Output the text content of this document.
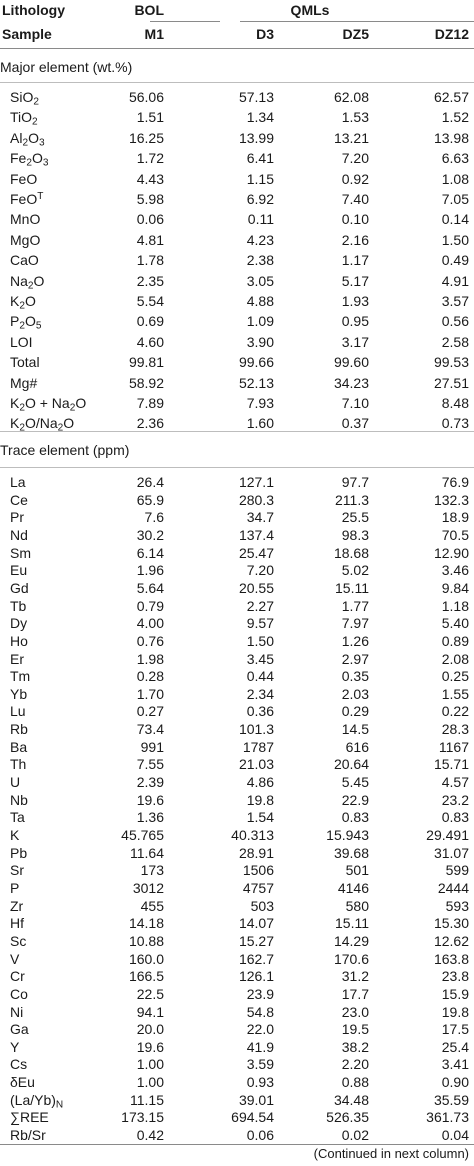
Lithology	BOL	QMLs
Sample	M1	D3	DZ5	DZ12
Major element (wt.%)
SiO$_2$	56.06	57.13	62.08	62.57
TiO$_2$	1.51	1.34	1.53	1.52
$Al_2O_3$	16.25	13.99	13.21	13.98
$Fe_2O_3$	1.72	6.41	7.20	6.63
FeO	4.43	1.15	0.92	1.08
FeO$^T$	5.98	6.92	7.40	7.05
MnO	0.06	0.11	0.10	0.14
MgO	4.81	4.23	2.16	1.50
CaO	1.78	2.38	1.17	0.49
$Na_2O$	2.35	3.05	5.17	4.91
$K_2O$	5.54	4.88	1.93	3.57
$P_2O_5$	0.69	1.09	0.95	0.56
LOI	4.60	3.90	3.17	2.58
Total	99.81	99.66	99.60	99.53
Mg#	58.92	52.13	34.23	27.51
$K_2O + Na_2O$	7.89	7.93	7.10	8.48
$K_2O/Na_2O$	2.36	1.60	0.37	0.73
Trace element (ppm)
La	26.4	127.1	97.7	76.9
Ce	65.9	280.3	211.3	132.3
Pr	7.6	34.7	25.5	18.9
Nd	30.2	137.4	98.3	70.5
Sm	6.14	25.47	18.68	12.90
Eu	1.96	7.20	5.02	3.46
Gd	5.64	20.55	15.11	9.84
Tb	0.79	2.27	1.77	1.18
Dy	4.00	9.57	7.97	5.40
Ho	0.76	1.50	1.26	0.89
Er	1.98	3.45	2.97	2.08
Tm	0.28	0.44	0.35	0.25
Yb	1.70	2.34	2.03	1.55
Lu	0.27	0.36	0.29	0.22
Rb	73.4	101.3	14.5	28.3
Ba	991	1787	616	1167
Th	7.55	21.03	20.64	15.71
U	2.39	4.86	5.45	4.57
Nb	19.6	19.8	22.9	23.2
Ta	1.36	1.54	0.83	0.83
K	45.765	40.313	15.943	29.491
Pb	11.64	28.91	39.68	31.07
Sr	173	1506	501	599
P	3012	4757	4146	2444
Zr	455	503	580	593
Hf	14.18	14.07	15.11	15.30
Sc	10.88	15.27	14.29	12.62
V	160.0	162.7	170.6	163.8
Cr	166.5	126.1	31.2	23.8
Co	22.5	23.9	17.7	15.9
Ni	94.1	54.8	23.0	19.8
Ga	20.0	22.0	19.5	17.5
Y	19.6	41.9	38.2	25.4
Cs	1.00	3.59	2.20	3.41
δEu	1.00	0.93	0.88	0.90
$(La/Yb)_N$	11.15	39.01	34.48	35.59
∑REE	173.15	694.54	526.35	361.73
Rb/Sr	0.42	0.06	0.02	0.04
(Continued in next column)
